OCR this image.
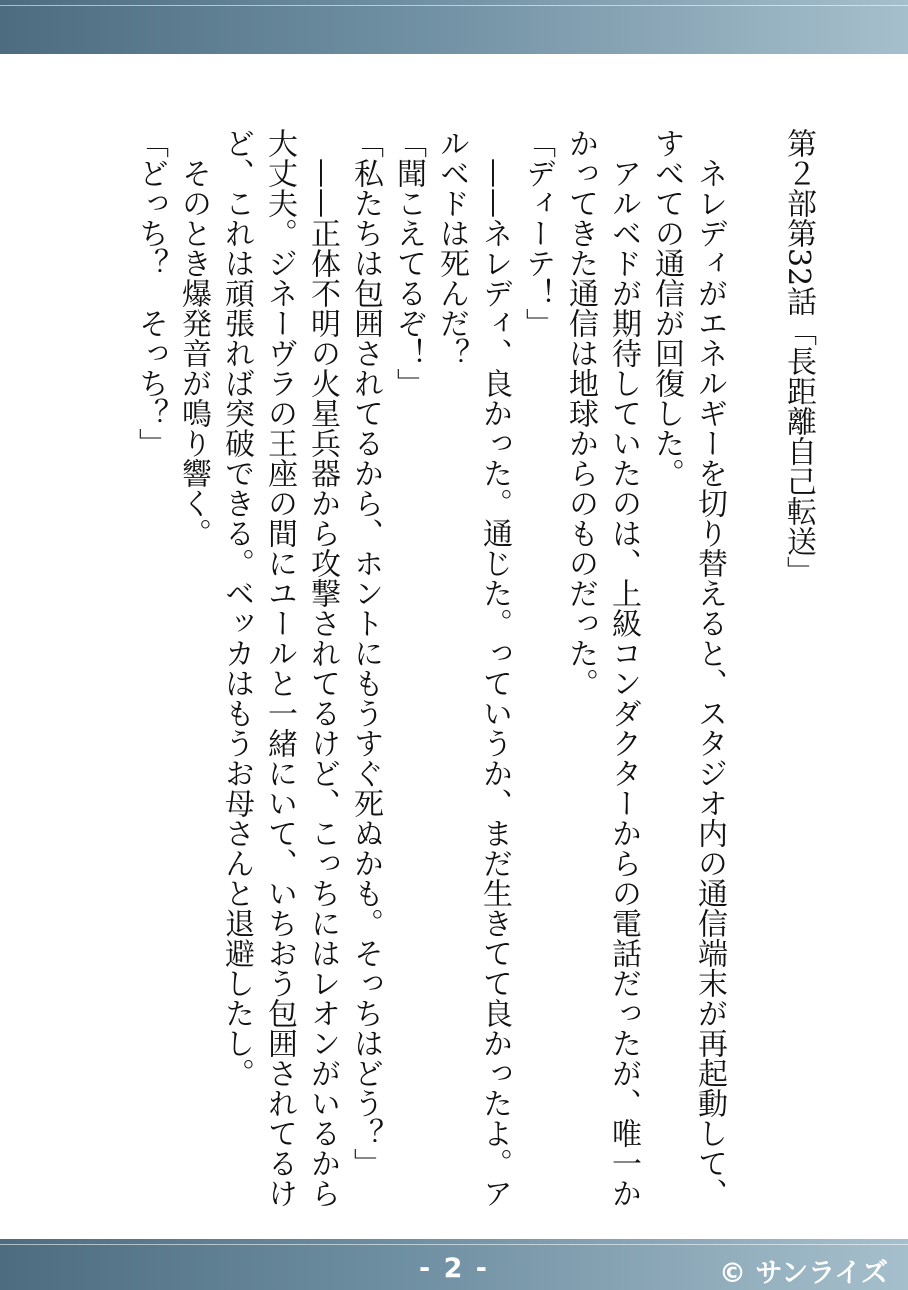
第２部第32話「長距離自己転送」

ネレディがエネルギーを切り替えると、スタジオ内の通信端末が再起動して、すべての通信が回復した。

アルベドが期待していたのは、上級コンダクターからの電話だったが、唯一かかってきた通信は地球からのものだった。

「ディーテ！」

——ネレディ、良かった。通じた。っていうか、まだ生きてて良かったよ。アルベドは死んだ？

「聞こえてるぞ！」

「私たちは包囲されてるから、ホントにもうすぐ死ぬかも。そっちはどう？」

——正体不明の火星兵器から攻撃されてるけど、こっちにはレオンがいるから大丈夫。ジネーヴラの王座の間にユールと一緒にいて、いちおう包囲されてるけど、これは頑張れば突破できる。ベッカはもうお母さんと退避したし。

そのとき爆発音が鳴り響く。

「どっち？　そっち？」

- 2 -	© サンライズ
